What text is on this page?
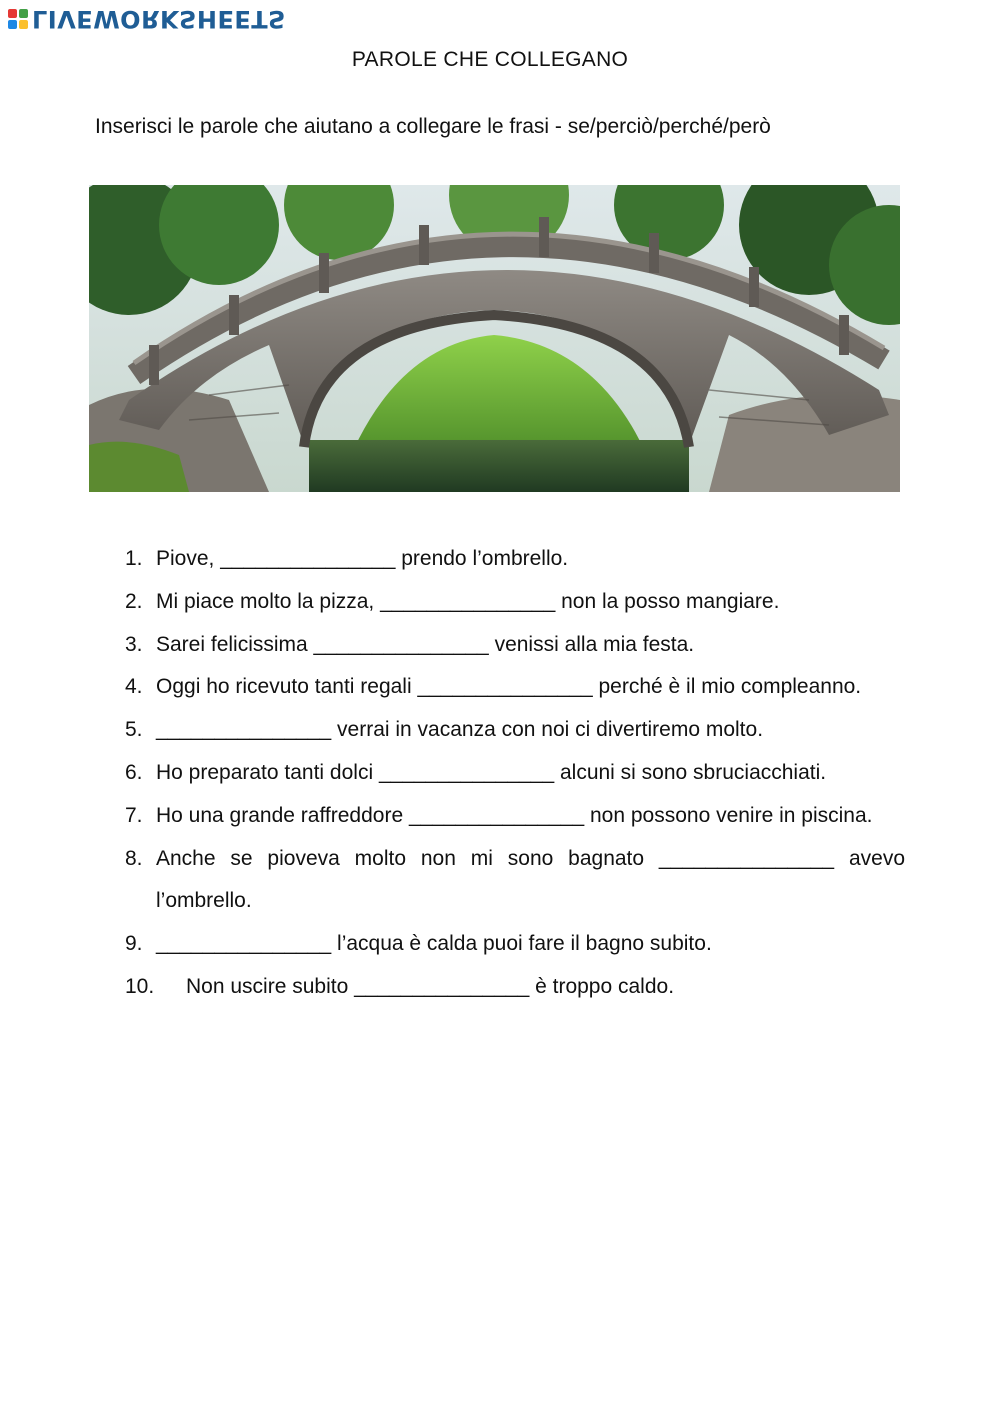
LIVEWORKSHEETS
PAROLE CHE COLLEGANO
Inserisci le parole che aiutano a collegare le frasi - se/perciò/perché/però
1. Piove, _______________ prendo l’ombrello.
2. Mi piace molto la pizza, _______________ non la posso mangiare.
3. Sarei felicissima _______________ venissi alla mia festa.
4. Oggi ho ricevuto tanti regali _______________ perché è il mio compleanno.
5. _______________ verrai in vacanza con noi ci divertiremo molto.
6. Ho preparato tanti dolci _______________ alcuni si sono sbruciacchiati.
7. Ho una grande raffreddore _______________ non possono venire in piscina.
8. Anche se pioveva molto non mi sono bagnato _______________ avevo l’ombrello.
9. _______________ l’acqua è calda puoi fare il bagno subito.
10.	Non uscire subito _______________ è troppo caldo.
